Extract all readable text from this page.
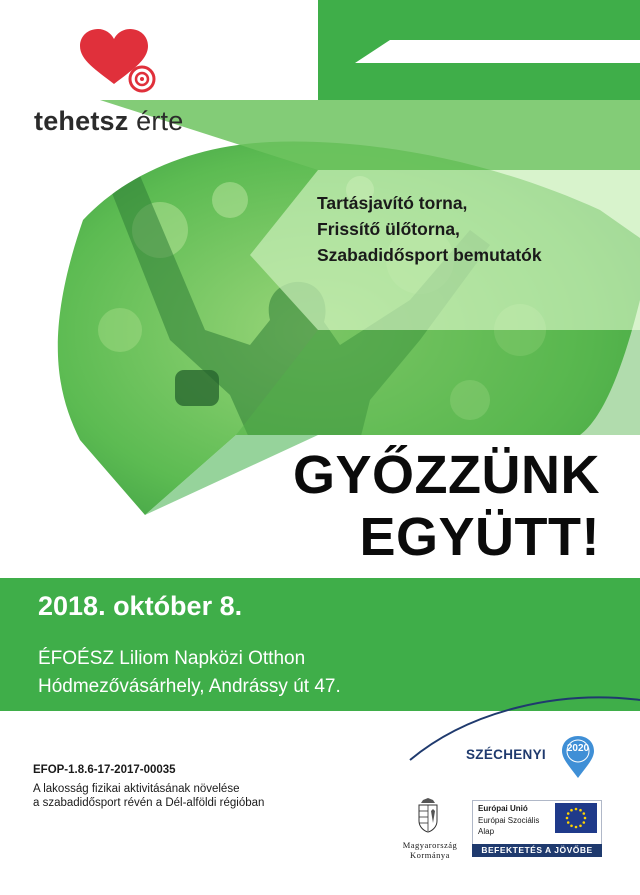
tehetsz érte
Tartásjavító torna,
Frissítő ülőtorna,
Szabadidősport bemutatók
GYŐZZÜNK
EGYÜTT!
2018. október 8.
ÉFOÉSZ Liliom Napközi Otthon
Hódmezővásárhely, Andrássy út 47.
EFOP-1.8.6-17-2017-00035
A lakosság fizikai aktivitásának növelése
a szabadidősport révén a Dél-alföldi régióban
SZÉCHENYI	2020
Magyarország
Kormánya
Európai Unió
Európai Szociális
Alap
BEFEKTETÉS A JÖVŐBE
